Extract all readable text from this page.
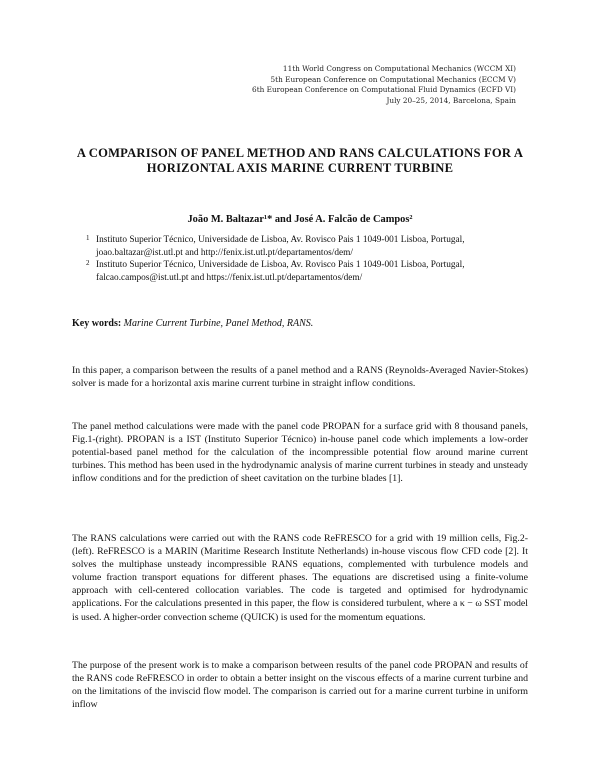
11th World Congress on Computational Mechanics (WCCM XI)
5th European Conference on Computational Mechanics (ECCM V)
6th European Conference on Computational Fluid Dynamics (ECFD VI)
July 20–25, 2014, Barcelona, Spain
A COMPARISON OF PANEL METHOD AND RANS CALCULATIONS FOR A HORIZONTAL AXIS MARINE CURRENT TURBINE
João M. Baltazar¹* and José A. Falcão de Campos²
1 Instituto Superior Técnico, Universidade de Lisboa, Av. Rovisco Pais 1 1049-001 Lisboa, Portugal, joao.baltazar@ist.utl.pt and http://fenix.ist.utl.pt/departamentos/dem/
2 Instituto Superior Técnico, Universidade de Lisboa, Av. Rovisco Pais 1 1049-001 Lisboa, Portugal, falcao.campos@ist.utl.pt and https://fenix.ist.utl.pt/departamentos/dem/
Key words: Marine Current Turbine, Panel Method, RANS.

In this paper, a comparison between the results of a panel method and a RANS (Reynolds-Averaged Navier-Stokes) solver is made for a horizontal axis marine current turbine in straight inflow conditions.

The panel method calculations were made with the panel code PROPAN for a surface grid with 8 thousand panels, Fig.1-(right). PROPAN is a IST (Instituto Superior Técnico) in-house panel code which implements a low-order potential-based panel method for the calculation of the incompressible potential flow around marine current turbines. This method has been used in the hydrodynamic analysis of marine current turbines in steady and unsteady inflow conditions and for the prediction of sheet cavitation on the turbine blades [1].

The RANS calculations were carried out with the RANS code ReFRESCO for a grid with 19 million cells, Fig.2-(left). ReFRESCO is a MARIN (Maritime Research Institute Netherlands) in-house viscous flow CFD code [2]. It solves the multiphase unsteady incompressible RANS equations, complemented with turbulence models and volume fraction transport equations for different phases. The equations are discretised using a finite-volume approach with cell-centered collocation variables. The code is targeted and optimised for hydrodynamic applications. For the calculations presented in this paper, the flow is considered turbulent, where a κ − ω SST model is used. A higher-order convection scheme (QUICK) is used for the momentum equations.

The purpose of the present work is to make a comparison between results of the panel code PROPAN and results of the RANS code ReFRESCO in order to obtain a better insight on the viscous effects of a marine current turbine and on the limitations of the inviscid flow model. The comparison is carried out for a marine current turbine in uniform inflow
